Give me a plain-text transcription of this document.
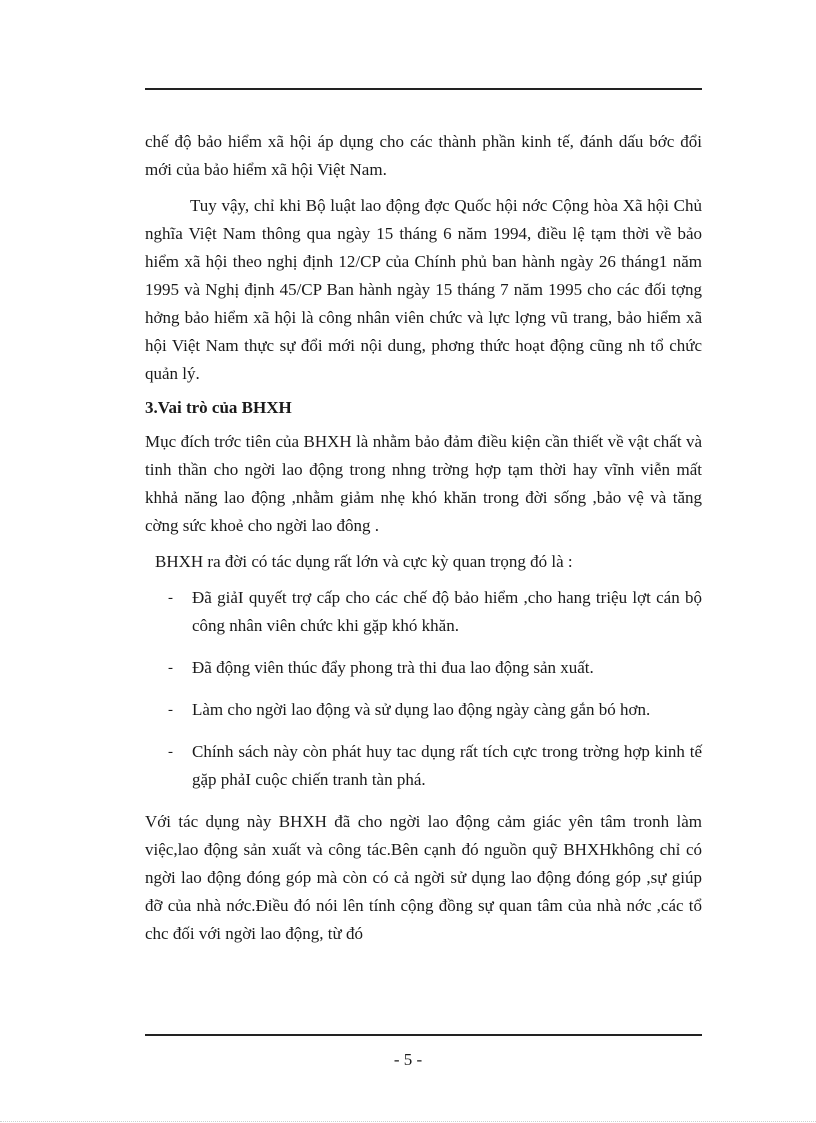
chế độ bảo hiểm xã hội áp dụng cho các thành phần kinh tế, đánh dấu bớc đổi mới của bảo hiểm xã hội Việt Nam.

Tuy vậy, chỉ khi Bộ luật lao động đợc Quốc hội nớc Cộng hòa Xã hội Chủ nghĩa Việt Nam thông qua ngày 15 tháng 6 năm 1994, điều lệ tạm thời về bảo hiểm xã hội theo nghị định 12/CP của Chính phủ ban hành ngày 26 tháng1 năm 1995 và Nghị định 45/CP Ban hành ngày 15 tháng 7 năm 1995 cho các đối tợng hởng bảo hiểm xã hội là công nhân viên chức và lực lợng vũ trang, bảo hiểm xã hội Việt Nam thực sự đổi mới nội dung, phơng thức hoạt động cũng nh tổ chức quản lý.

3.Vai trò của BHXH

Mục đích trớc tiên của BHXH là nhằm bảo đảm điều kiện cần thiết về vật chất và tinh thần cho ngời lao động trong nhng trờng hợp tạm thời hay vĩnh viễn mất khhả năng lao động ,nhằm giảm nhẹ khó khăn trong đời sống ,bảo vệ và tăng cờng sức khoẻ cho ngời lao đông .

BHXH ra đời có tác dụng rất lớn và cực kỳ quan trọng đó là :

- Đã giảI quyết trợ cấp cho các chế độ bảo hiểm ,cho hang triệu lợt cán bộ công nhân viên chức khi gặp khó khăn.
- Đã động viên thúc đẩy phong trà thi đua lao động sản xuất.
- Làm cho ngời lao động và sử dụng lao động ngày càng gắn bó hơn.
- Chính sách này còn phát huy tac dụng rất tích cực trong trờng hợp kinh tế gặp phảI cuộc chiến tranh tàn phá.

Với tác dụng này BHXH đã cho ngời lao động cảm giác yên tâm tronh làm việc,lao động sản xuất và công tác.Bên cạnh đó nguồn quỹ BHXHkhông chỉ có ngời lao động đóng góp mà còn có cả ngời sử dụng lao động đóng góp ,sự giúp đỡ của nhà nớc.Điều đó nói lên tính cộng đồng sự quan tâm của nhà nớc ,các tổ chc đối với ngời lao động, từ đó

- 5 -
